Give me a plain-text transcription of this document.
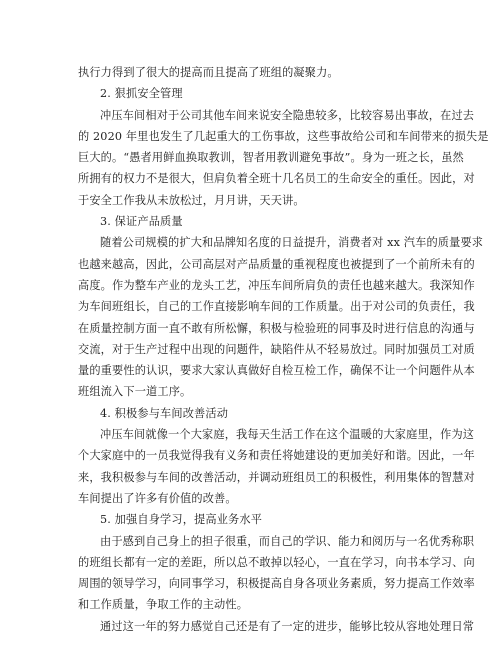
执行力得到了很大的提高而且提高了班组的凝聚力。
2. 狠抓安全管理
冲压车间相对于公司其他车间来说安全隐患较多，比较容易出事故，在过去
的 2020 年里也发生了几起重大的工伤事故，这些事故给公司和车间带来的损失是
巨大的。“愚者用鲜血换取教训，智者用教训避免事故”。身为一班之长，虽然
所拥有的权力不是很大，但肩负着全班十几名员工的生命安全的重任。因此，对
于安全工作我从未放松过，月月讲，天天讲。
3. 保证产品质量
随着公司规模的扩大和品牌知名度的日益提升，消费者对 xx 汽车的质量要求
也越来越高，因此，公司高层对产品质量的重视程度也被提到了一个前所未有的
高度。作为整车产业的龙头工艺，冲压车间所肩负的责任也越来越大。我深知作
为车间班组长，自己的工作直接影响车间的工作质量。出于对公司的负责任，我
在质量控制方面一直不敢有所松懈，积极与检验班的同事及时进行信息的沟通与
交流，对于生产过程中出现的问题件，缺陷件从不轻易放过。同时加强员工对质
量的重要性的认识，要求大家认真做好自检互检工作，确保不让一个问题件从本
班组流入下一道工序。
4. 积极参与车间改善活动
冲压车间就像一个大家庭，我每天生活工作在这个温暖的大家庭里，作为这
个大家庭中的一员我觉得我有义务和责任将她建设的更加美好和谐。因此，一年
来，我积极参与车间的改善活动，并调动班组员工的积极性，利用集体的智慧对
车间提出了许多有价值的改善。
5. 加强自身学习，提高业务水平
由于感到自己身上的担子很重，而自己的学识、能力和阅历与一名优秀称职
的班组长都有一定的差距，所以总不敢掉以轻心，一直在学习，向书本学习、向
周围的领导学习，向同事学习，积极提高自身各项业务素质，努力提高工作效率
和工作质量，争取工作的主动性。
通过这一年的努力感觉自己还是有了一定的进步，能够比较从容地处理日常
